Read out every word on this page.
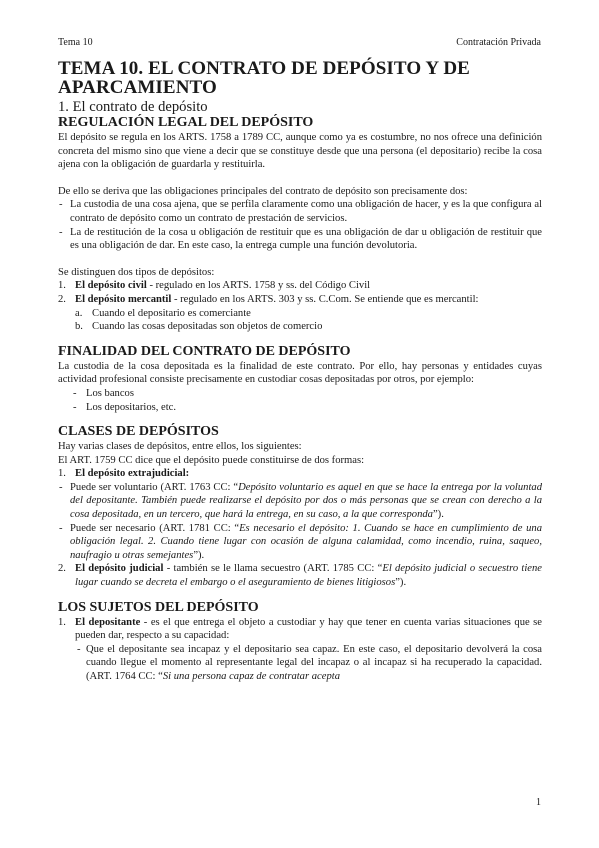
Tema 10	Contratación Privada
TEMA 10. EL CONTRATO DE DEPÓSITO Y DE APARCAMIENTO
1. El contrato de depósito
REGULACIÓN LEGAL DEL DEPÓSITO

El depósito se regula en los ARTS. 1758 a 1789 CC, aunque como ya es costumbre, no nos ofrece una definición concreta del mismo sino que viene a decir que se constituye desde que una persona (el depositario) recibe la cosa ajena con la obligación de guardarla y restituirla.

De ello se deriva que las obligaciones principales del contrato de depósito son precisamente dos:

- La custodia de una cosa ajena, que se perfila claramente como una obligación de hacer, y es la que configura al contrato de depósito como un contrato de prestación de servicios.
- La de restitución de la cosa u obligación de restituir que es una obligación de dar u obligación de restituir que es una obligación de dar. En este caso, la entrega cumple una función devolutoria.

Se distinguen dos tipos de depósitos:

1. El depósito civil - regulado en los ARTS. 1758 y ss. del Código Civil
2. El depósito mercantil - regulado en los ARTS. 303 y ss. C.Com. Se entiende que es mercantil:
a. Cuando el depositario es comerciante
b. Cuando las cosas depositadas son objetos de comercio
FINALIDAD DEL CONTRATO DE DEPÓSITO

La custodia de la cosa depositada es la finalidad de este contrato. Por ello, hay personas y entidades cuyas actividad profesional consiste precisamente en custodiar cosas depositadas por otros, por ejemplo:

- Los bancos
- Los depositarios, etc.
CLASES DE DEPÓSITOS

Hay varias clases de depósitos, entre ellos, los siguientes:

El ART. 1759 CC dice que el depósito puede constituirse de dos formas:

1. El depósito extrajudicial:
- Puede ser voluntario (ART. 1763 CC: “Depósito voluntario es aquel en que se hace la entrega por la voluntad del depositante. También puede realizarse el depósito por dos o más personas que se crean con derecho a la cosa depositada, en un tercero, que hará la entrega, en su caso, a la que corresponda”).
- Puede ser necesario (ART. 1781 CC: “Es necesario el depósito: 1. Cuando se hace en cumplimiento de una obligación legal. 2. Cuando tiene lugar con ocasión de alguna calamidad, como incendio, ruina, saqueo, naufragio u otras semejantes”).
2. El depósito judicial - también se le llama secuestro (ART. 1785 CC: “El depósito judicial o secuestro tiene lugar cuando se decreta el embargo o el aseguramiento de bienes litigiosos”).
LOS SUJETOS DEL DEPÓSITO
1. El depositante - es el que entrega el objeto a custodiar y hay que tener en cuenta varias situaciones que se pueden dar, respecto a su capacidad:
- Que el depositante sea incapaz y el depositario sea capaz. En este caso, el depositario devolverá la cosa cuando llegue el momento al representante legal del incapaz o al incapaz si ha recuperado la capacidad. (ART. 1764 CC: “Si una persona capaz de contratar acepta
1
